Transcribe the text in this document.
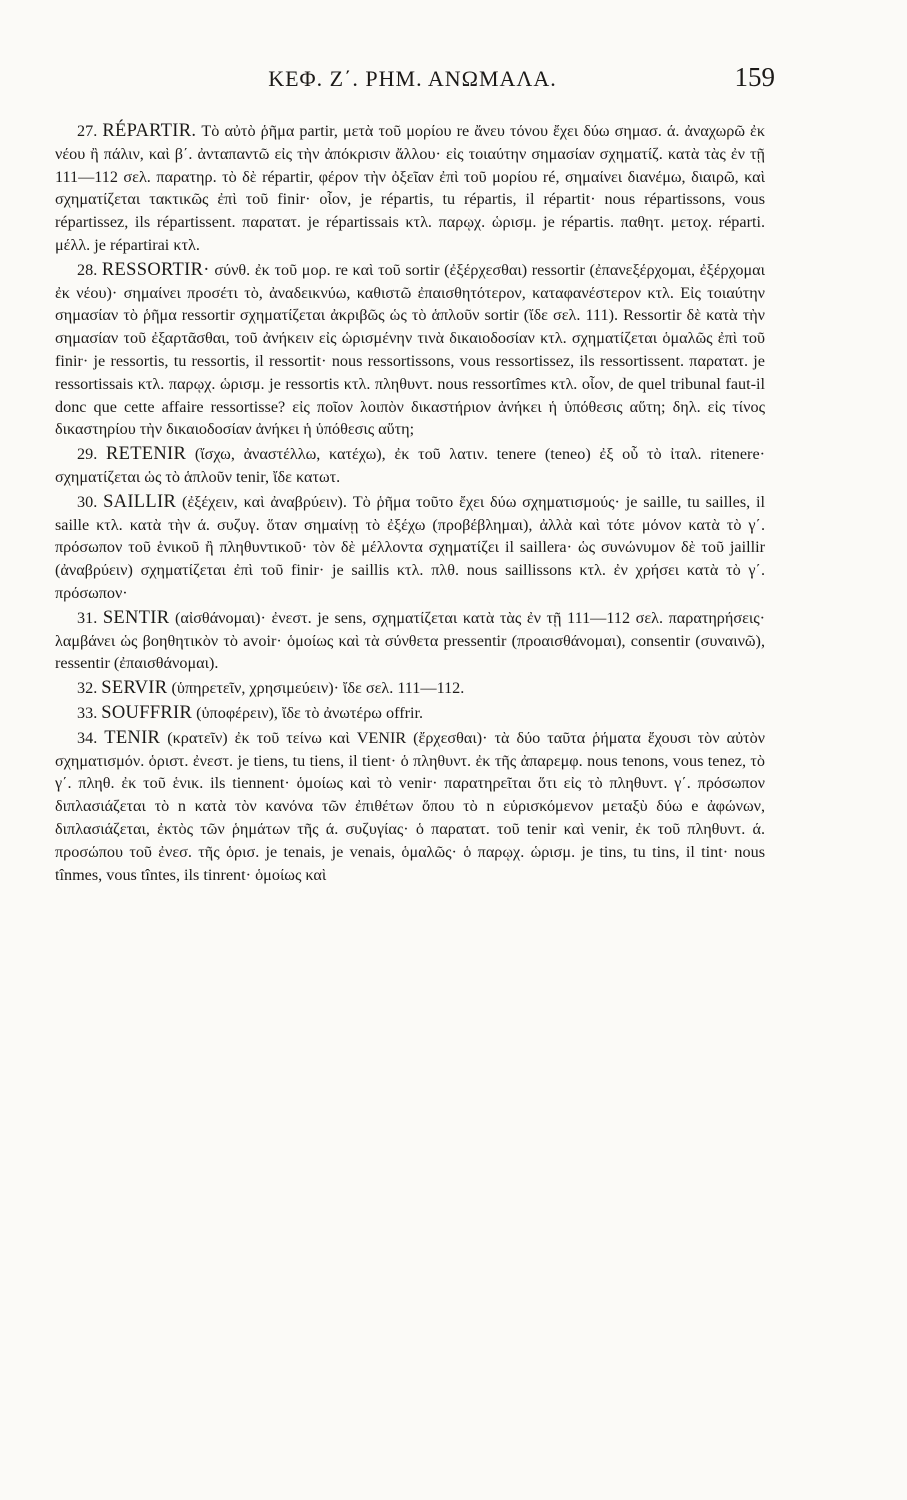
ΚΕΦ. Ζ΄. ΡΗΜ. ΑΝΩΜΑΛΑ.	159

27. RÉPARTIR. Τὸ αὐτὸ ῥῆμα partir, μετὰ τοῦ μορίου re ἄνευ τόνου ἔχει δύω σημασ. ά. ἀναχωρῶ ἐκ νέου ἢ πάλιν, καὶ β΄. ἀνταπαντῶ εἰς τὴν ἀπόκρισιν ἄλλου· εἰς τοιαύτην σημασίαν σχηματίζ. κατὰ τὰς ἐν τῇ 111—112 σελ. παρατηρ. τὸ δὲ répartir, φέρον τὴν ὀξεῖαν ἐπὶ τοῦ μορίου ré, σημαίνει διανέμω, διαιρῶ, καὶ σχηματίζεται τακτικῶς ἐπὶ τοῦ finir· οἷον, je répartis, tu répartis, il répartit· nous répartissons, vous répartissez, ils répartissent. παρατατ. je répartissais κτλ. παρῳχ. ὡρισμ. je répartis. παθητ. μετοχ. réparti. μέλλ. je répartirai κτλ.

28. RESSORTIR· σύνθ. ἐκ τοῦ μορ. re καὶ τοῦ sortir (ἐξέρχεσθαι) ressortir (ἐπανεξέρχομαι, ἐξέρχομαι ἐκ νέου)· σημαίνει προσέτι τὸ, ἀναδεικνύω, καθιστῶ ἐπαισθητότερον, καταφανέστερον κτλ. Εἰς τοιαύτην σημασίαν τὸ ῥῆμα ressortir σχηματίζεται ἀκριβῶς ὡς τὸ ἁπλοῦν sortir (ἴδε σελ. 111). Ressortir δὲ κατὰ τὴν σημασίαν τοῦ ἐξαρτᾶσθαι, τοῦ ἀνήκειν εἰς ὡρισμένην τινὰ δικαιοδοσίαν κτλ. σχηματίζεται ὁμαλῶς ἐπὶ τοῦ finir· je ressortis, tu ressortis, il ressortit· nous ressortissons, vous ressortissez, ils ressortissent. παρατατ. je ressortissais κτλ. παρῳχ. ὡρισμ. je ressortis κτλ. πληθυντ. nous ressortîmes κτλ. οἷον, de quel tribunal faut-il donc que cette affaire ressortisse? εἰς ποῖον λοιπὸν δικαστήριον ἀνήκει ἡ ὑπόθεσις αὕτη; δηλ. εἰς τίνος δικαστηρίου τὴν δικαιοδοσίαν ἀνήκει ἡ ὑπόθεσις αὕτη;

29. RETENIR (ἴσχω, ἀναστέλλω, κατέχω), ἐκ τοῦ λατιν. tenere (teneo) ἐξ οὗ τὸ ἰταλ. ritenere· σχηματίζεται ὡς τὸ ἁπλοῦν tenir, ἴδε κατωτ.

30. SAILLIR (ἐξέχειν, καὶ ἀναβρύειν). Τὸ ῥῆμα τοῦτο ἔχει δύω σχηματισμούς· je saille, tu sailles, il saille κτλ. κατὰ τὴν ά. συζυγ. ὅταν σημαίνῃ τὸ ἐξέχω (προβέβλημαι), ἀλλὰ καὶ τότε μόνον κατὰ τὸ γ΄. πρόσωπον τοῦ ἑνικοῦ ἢ πληθυντικοῦ· τὸν δὲ μέλλοντα σχηματίζει il saillera· ὡς συνώνυμον δὲ τοῦ jaillir (ἀναβρύειν) σχηματίζεται ἐπὶ τοῦ finir· je saillis κτλ. πλθ. nous saillissons κτλ. ἐν χρήσει κατὰ τὸ γ΄. πρόσωπον·

31. SENTIR (αἰσθάνομαι)· ἐνεστ. je sens, σχηματίζεται κατὰ τὰς ἐν τῇ 111—112 σελ. παρατηρήσεις· λαμβάνει ὡς βοηθητικὸν τὸ avoir· ὁμοίως καὶ τὰ σύνθετα pressentir (προαισθάνομαι), consentir (συναινῶ), ressentir (ἐπαισθάνομαι).

32. SERVIR (ὑπηρετεῖν, χρησιμεύειν)· ἴδε σελ. 111—112.

33. SOUFFRIR (ὑποφέρειν), ἴδε τὸ ἀνωτέρω offrir.

34. TENIR (κρατεῖν) ἐκ τοῦ τείνω καὶ VENIR (ἔρχεσθαι)· τὰ δύο ταῦτα ῥήματα ἔχουσι τὸν αὐτὸν σχηματισμόν. ὁριστ. ἐνεστ. je tiens, tu tiens, il tient· ὁ πληθυντ. ἐκ τῆς ἀπαρεμφ. nous tenons, vous tenez, τὸ γ΄. πληθ. ἐκ τοῦ ἑνικ. ils tiennent· ὁμοίως καὶ τὸ venir· παρατηρεῖται ὅτι εἰς τὸ πληθυντ. γ΄. πρόσωπον διπλασιάζεται τὸ n κατὰ τὸν κανόνα τῶν ἐπιθέτων ὅπου τὸ n εὑρισκόμενον μεταξὺ δύω e ἀφώνων, διπλασιάζεται, ἐκτὸς τῶν ῥημάτων τῆς ά. συζυγίας· ὁ παρατατ. τοῦ tenir καὶ venir, ἐκ τοῦ πληθυντ. ά. προσώπου τοῦ ἐνεσ. τῆς ὁρισ. je tenais, je venais, ὁμαλῶς· ὁ παρῳχ. ὡρισμ. je tins, tu tins, il tint· nous tînmes, vous tîntes, ils tinrent· ὁμοίως καὶ
